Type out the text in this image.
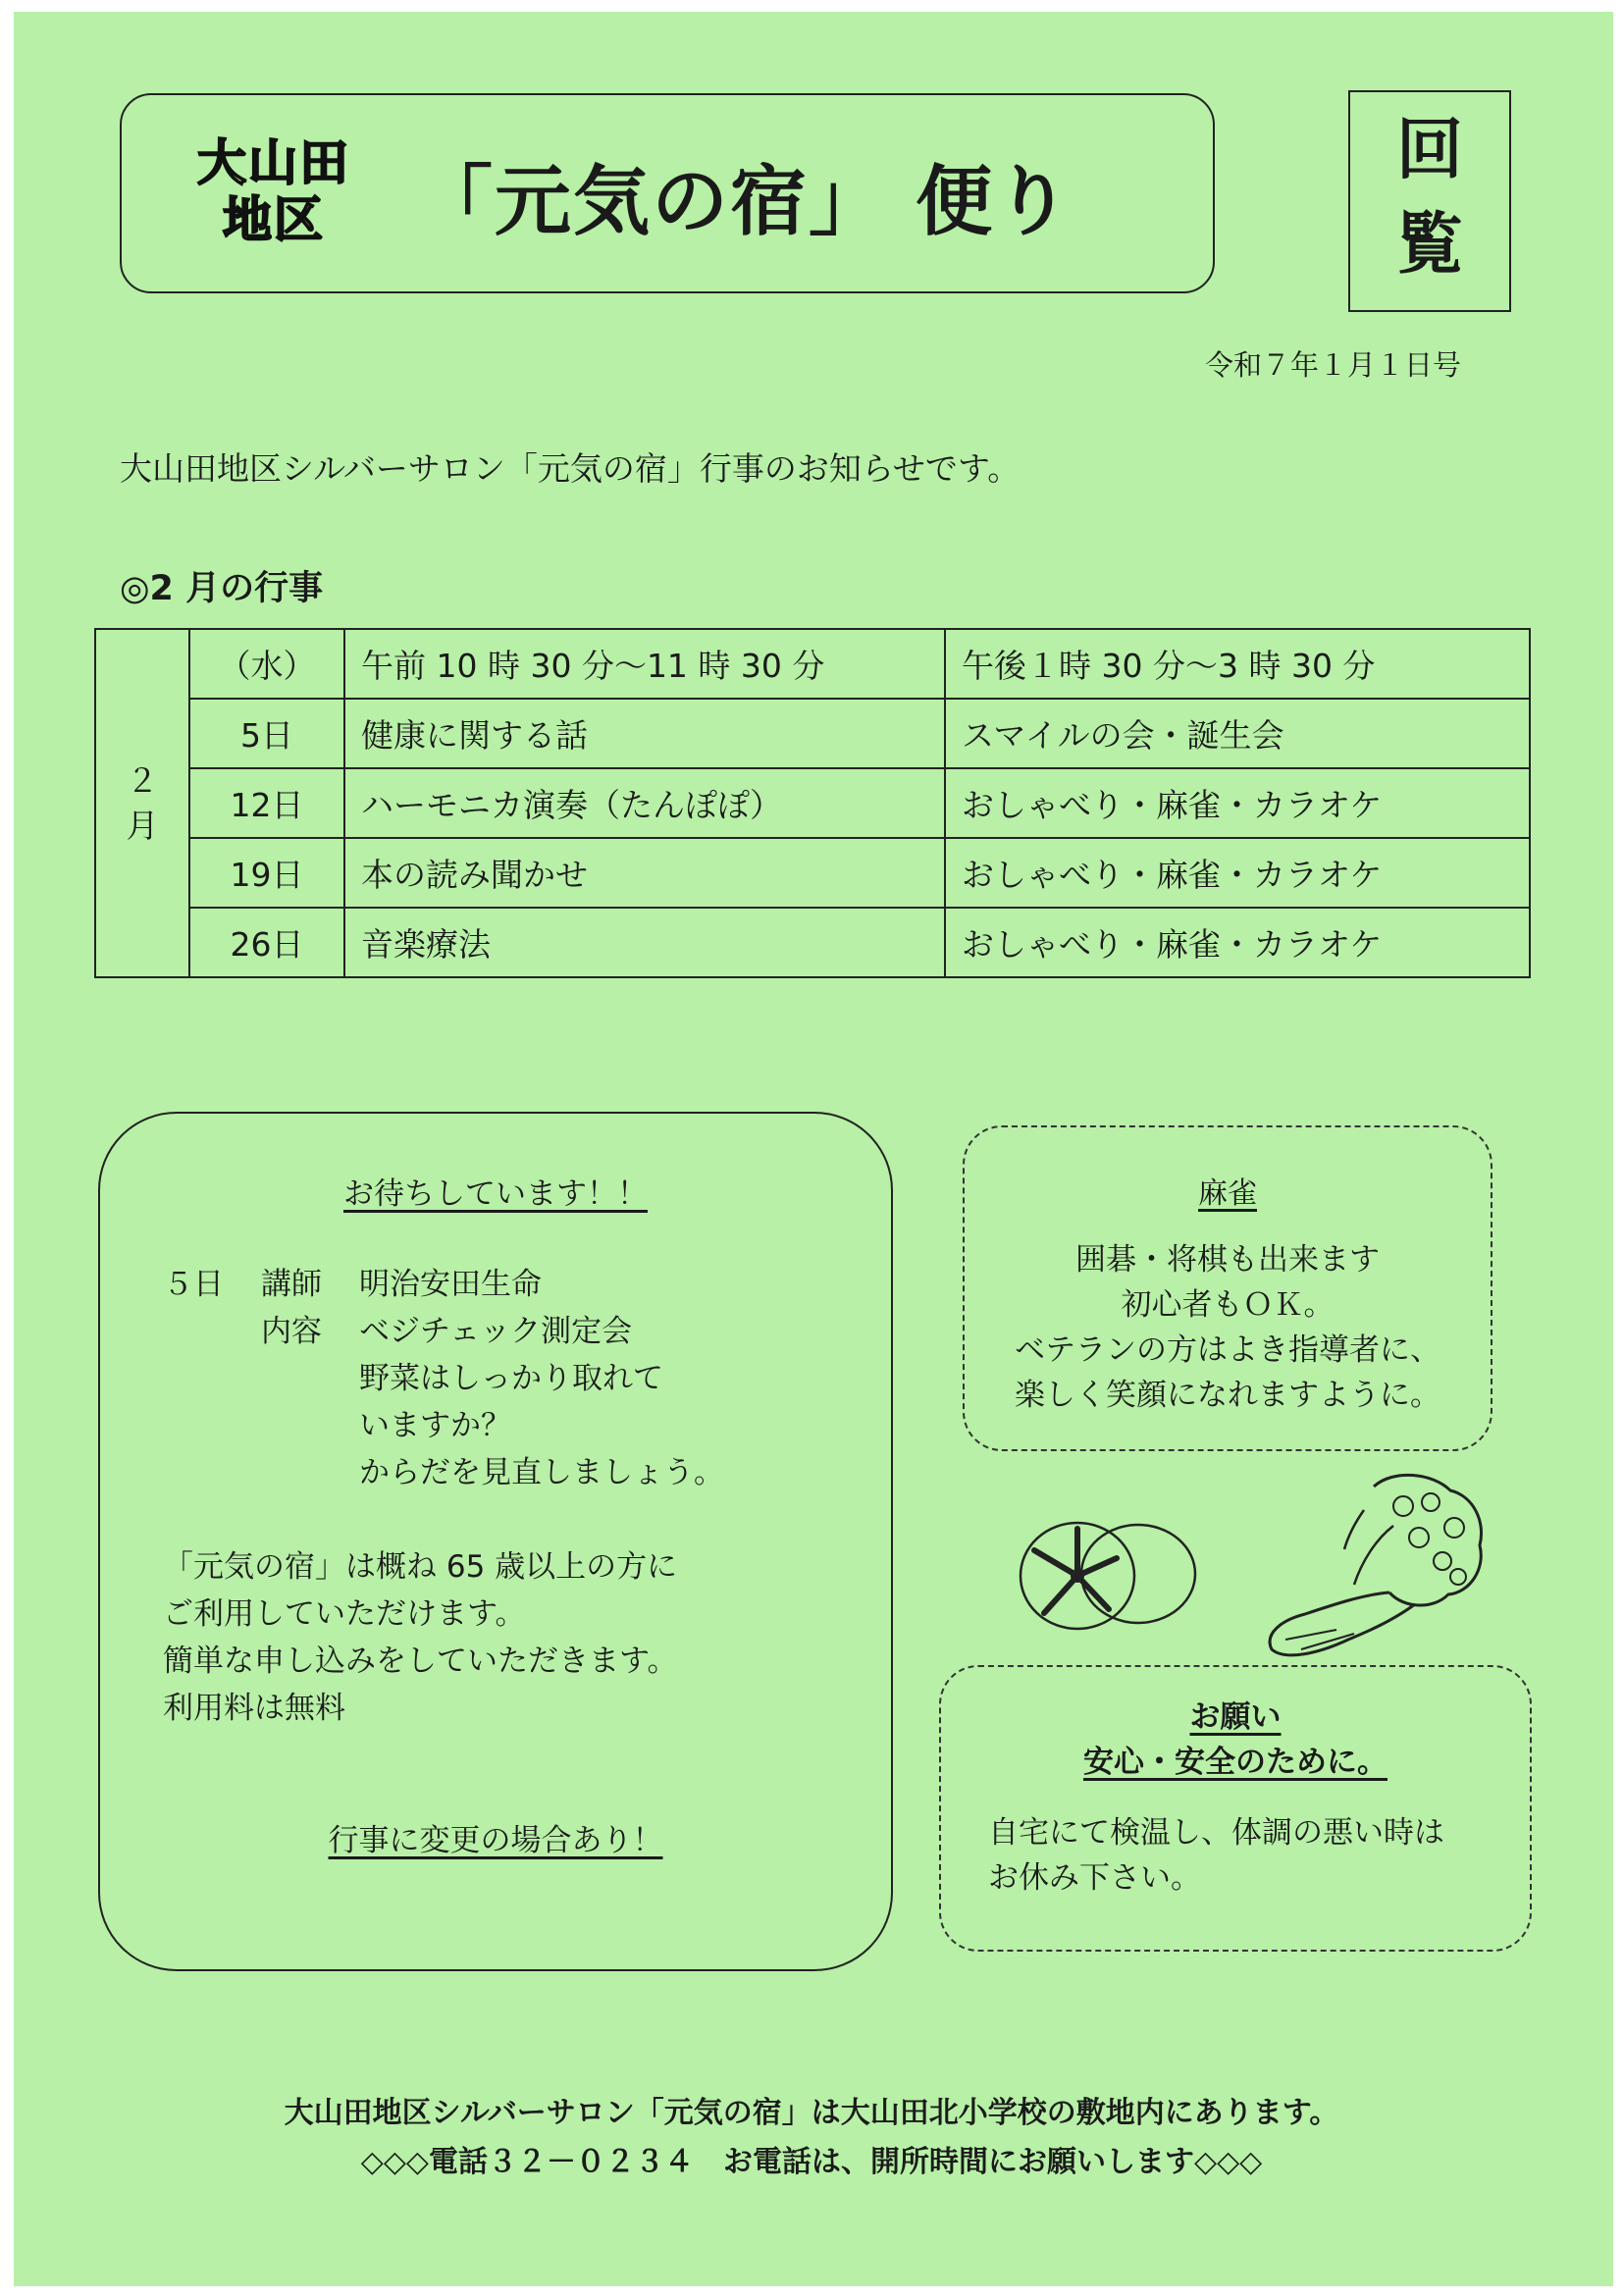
大山田
地区	「元気の宿」 便り
回
覧
令和７年１月１日号
大山田地区シルバーサロン「元気の宿」行事のお知らせです。
◎2 月の行事
２
月	（水）	午前 10 時 30 分～11 時 30 分	午後１時 30 分～3 時 30 分
	5日	健康に関する話	スマイルの会・誕生会
	12日	ハーモニカ演奏（たんぽぽ）	おしゃべり・麻雀・カラオケ
	19日	本の読み聞かせ	おしゃべり・麻雀・カラオケ
	26日	音楽療法	おしゃべり・麻雀・カラオケ
お待ちしています！！
５日	講師	明治安田生命
内容	ベジチェック測定会
野菜はしっかり取れて
いますか？
からだを見直しましょう。
「元気の宿」は概ね 65 歳以上の方に
ご利用していただけます。
簡単な申し込みをしていただきます。
利用料は無料
行事に変更の場合あり！
麻雀
囲碁・将棋も出来ます
初心者もＯＫ。
ベテランの方はよき指導者に、
楽しく笑顔になれますように。
お願い
安心・安全のために。
自宅にて検温し、体調の悪い時は
お休み下さい。
大山田地区シルバーサロン「元気の宿」は大山田北小学校の敷地内にあります。
◇◇◇電話３２－０２３４　お電話は、開所時間にお願いします◇◇◇
